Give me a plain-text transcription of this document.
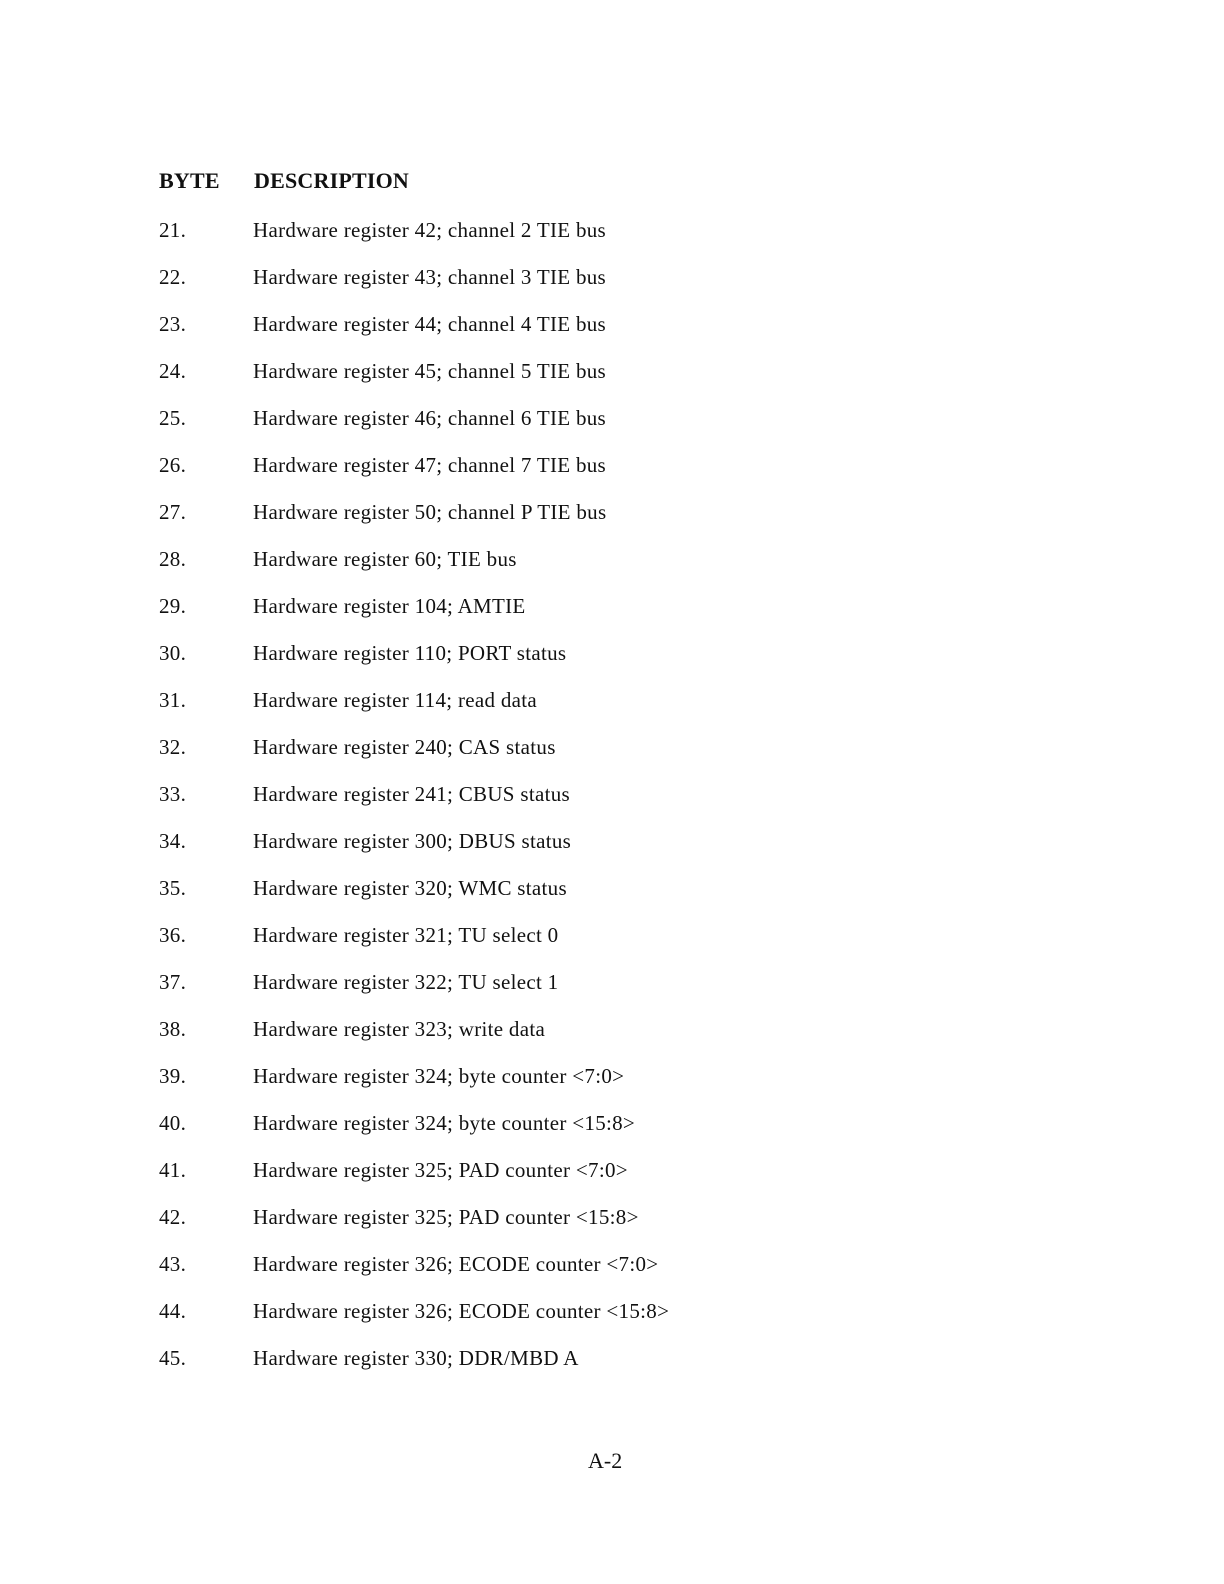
BYTE DESCRIPTION
21.	Hardware register 42; channel 2 TIE bus
22.	Hardware register 43; channel 3 TIE bus
23.	Hardware register 44; channel 4 TIE bus
24.	Hardware register 45; channel 5 TIE bus
25.	Hardware register 46; channel 6 TIE bus
26.	Hardware register 47; channel 7 TIE bus
27.	Hardware register 50; channel P TIE bus
28.	Hardware register 60; TIE bus
29.	Hardware register 104; AMTIE
30.	Hardware register 110; PORT status
31.	Hardware register 114; read data
32.	Hardware register 240; CAS status
33.	Hardware register 241; CBUS status
34.	Hardware register 300; DBUS status
35.	Hardware register 320; WMC status
36.	Hardware register 321; TU select 0
37.	Hardware register 322; TU select 1
38.	Hardware register 323; write data
39.	Hardware register 324; byte counter <7:0>
40.	Hardware register 324; byte counter <15:8>
41.	Hardware register 325; PAD counter <7:0>
42.	Hardware register 325; PAD counter <15:8>
43.	Hardware register 326; ECODE counter <7:0>
44.	Hardware register 326; ECODE counter <15:8>
45.	Hardware register 330; DDR/MBD A
A-2
